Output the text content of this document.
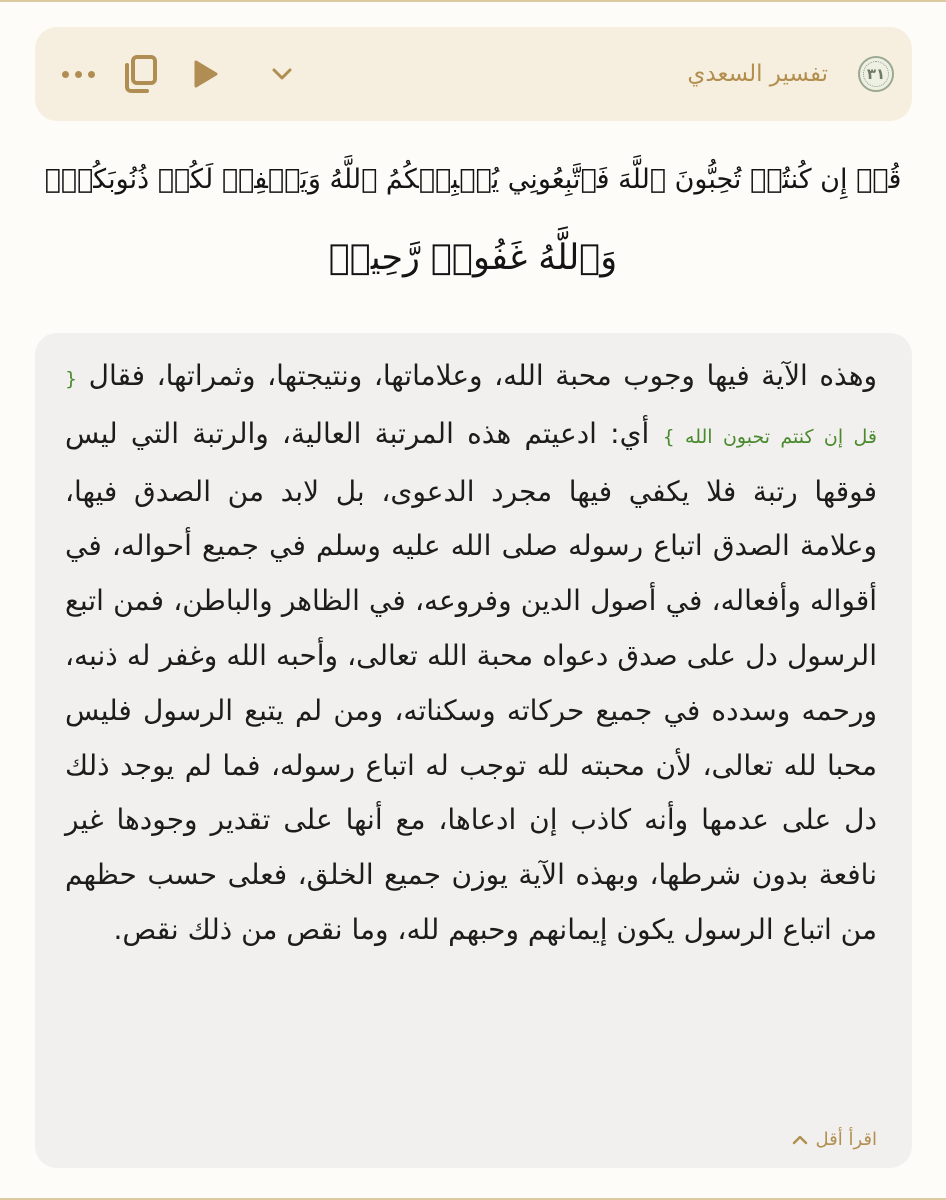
٣١
تفسير السعدي
قُلۡ إِن كُنتُمۡ تُحِبُّونَ ٱللَّهَ فَٱتَّبِعُونِي يُحۡبِبۡكُمُ ٱللَّهُ وَيَغۡفِرۡ لَكُمۡ ذُنُوبَكُمۡۚ
وَٱللَّهُ غَفُورٞ رَّحِيمٞ
وهذه الآية فيها وجوب محبة الله، وعلاماتها، ونتيجتها، وثمراتها، فقال { قل إن كنتم تحبون الله } أي: ادعيتم هذه المرتبة العالية، والرتبة التي ليس فوقها رتبة فلا يكفي فيها مجرد الدعوى، بل لابد من الصدق فيها، وعلامة الصدق اتباع رسوله صلى الله عليه وسلم في جميع أحواله، في أقواله وأفعاله، في أصول الدين وفروعه، في الظاهر والباطن، فمن اتبع الرسول دل على صدق دعواه محبة الله تعالى، وأحبه الله وغفر له ذنبه، ورحمه وسدده في جميع حركاته وسكناته، ومن لم يتبع الرسول فليس محبا لله تعالى، لأن محبته لله توجب له اتباع رسوله، فما لم يوجد ذلك دل على عدمها وأنه كاذب إن ادعاها، مع أنها على تقدير وجودها غير نافعة بدون شرطها، وبهذه الآية يوزن جميع الخلق، فعلى حسب حظهم من اتباع الرسول يكون إيمانهم وحبهم لله، وما نقص من ذلك نقص.
اقرأ أقل
